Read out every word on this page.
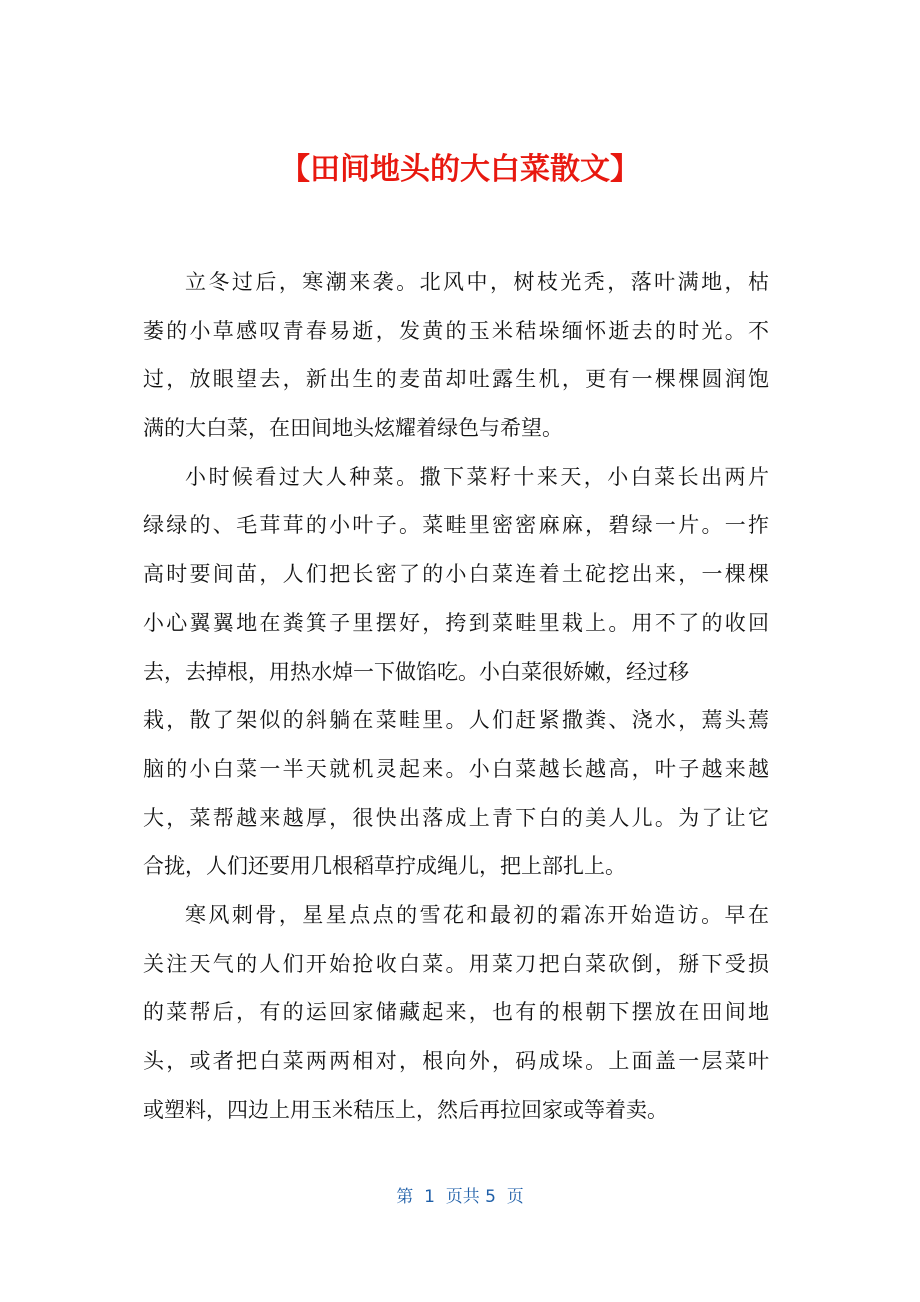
【田间地头的大白菜散文】
立冬过后，寒潮来袭。北风中，树枝光秃，落叶满地，枯
萎的小草感叹青春易逝，发黄的玉米秸垛缅怀逝去的时光。不
过，放眼望去，新出生的麦苗却吐露生机，更有一棵棵圆润饱
满的大白菜，在田间地头炫耀着绿色与希望。
小时候看过大人种菜。撒下菜籽十来天，小白菜长出两片
绿绿的、毛茸茸的小叶子。菜畦里密密麻麻，碧绿一片。一拃
高时要间苗，人们把长密了的小白菜连着土砣挖出来，一棵棵
小心翼翼地在粪箕子里摆好，挎到菜畦里栽上。用不了的收回
去，去掉根，用热水焯一下做馅吃。小白菜很娇嫩，经过移
栽，散了架似的斜躺在菜畦里。人们赶紧撒粪、浇水，蔫头蔫
脑的小白菜一半天就机灵起来。小白菜越长越高，叶子越来越
大，菜帮越来越厚，很快出落成上青下白的美人儿。为了让它
合拢，人们还要用几根稻草拧成绳儿，把上部扎上。
寒风刺骨，星星点点的雪花和最初的霜冻开始造访。早在
关注天气的人们开始抢收白菜。用菜刀把白菜砍倒，掰下受损
的菜帮后，有的运回家储藏起来，也有的根朝下摆放在田间地
头，或者把白菜两两相对，根向外，码成垛。上面盖一层菜叶
或塑料，四边上用玉米秸压上，然后再拉回家或等着卖。
第  1  页共 5  页
